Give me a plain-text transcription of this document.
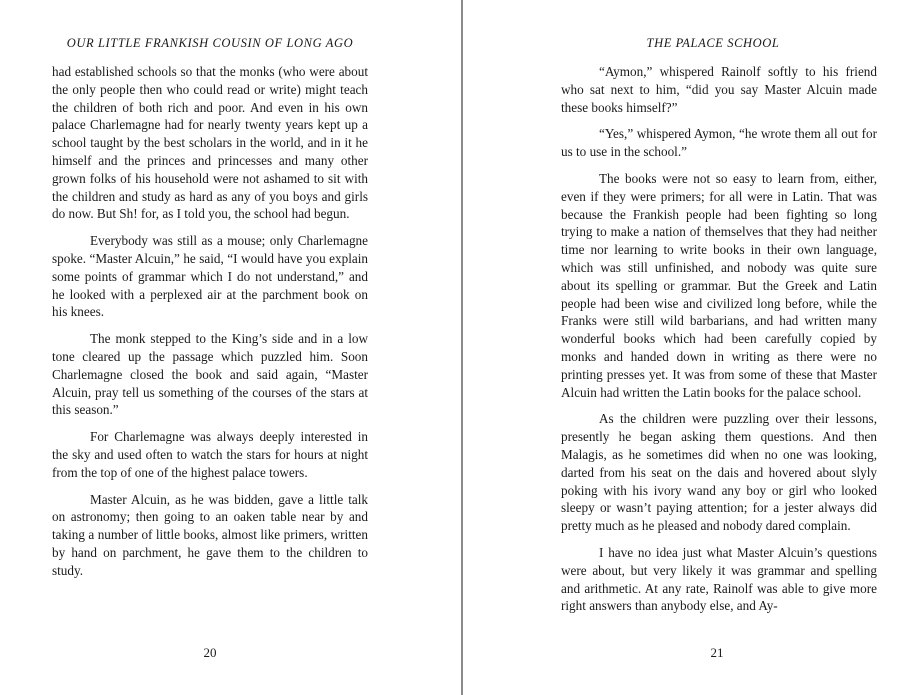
OUR LITTLE FRANKISH COUSIN OF LONG AGO

had established schools so that the monks (who were about the only people then who could read or write) might teach the children of both rich and poor. And even in his own palace Charlemagne had for nearly twenty years kept up a school taught by the best scholars in the world, and in it he himself and the princes and princesses and many other grown folks of his household were not ashamed to sit with the children and study as hard as any of you boys and girls do now. But Sh! for, as I told you, the school had begun.

Everybody was still as a mouse; only Charlemagne spoke. “Master Alcuin,” he said, “I would have you explain some points of grammar which I do not understand,” and he looked with a perplexed air at the parchment book on his knees.

The monk stepped to the King’s side and in a low tone cleared up the passage which puzzled him. Soon Charlemagne closed the book and said again, “Master Alcuin, pray tell us something of the courses of the stars at this season.”

For Charlemagne was always deeply interested in the sky and used often to watch the stars for hours at night from the top of one of the highest palace towers.

Master Alcuin, as he was bidden, gave a little talk on astronomy; then going to an oaken table near by and taking a number of little books, almost like primers, written by hand on parchment, he gave them to the children to study.

20
THE PALACE SCHOOL

“Aymon,” whispered Rainolf softly to his friend who sat next to him, “did you say Master Alcuin made these books himself?”

“Yes,” whispered Aymon, “he wrote them all out for us to use in the school.”

The books were not so easy to learn from, either, even if they were primers; for all were in Latin. That was because the Frankish people had been fighting so long trying to make a nation of themselves that they had neither time nor learning to write books in their own language, which was still unfinished, and nobody was quite sure about its spelling or grammar. But the Greek and Latin people had been wise and civilized long before, while the Franks were still wild barbarians, and had written many wonderful books which had been carefully copied by monks and handed down in writing as there were no printing presses yet. It was from some of these that Master Alcuin had written the Latin books for the palace school.

As the children were puzzling over their lessons, presently he began asking them questions. And then Malagis, as he sometimes did when no one was looking, darted from his seat on the dais and hovered about slyly poking with his ivory wand any boy or girl who looked sleepy or wasn’t paying attention; for a jester always did pretty much as he pleased and nobody dared complain.

I have no idea just what Master Alcuin’s questions were about, but very likely it was grammar and spelling and arithmetic. At any rate, Rainolf was able to give more right answers than anybody else, and Ay-

21
